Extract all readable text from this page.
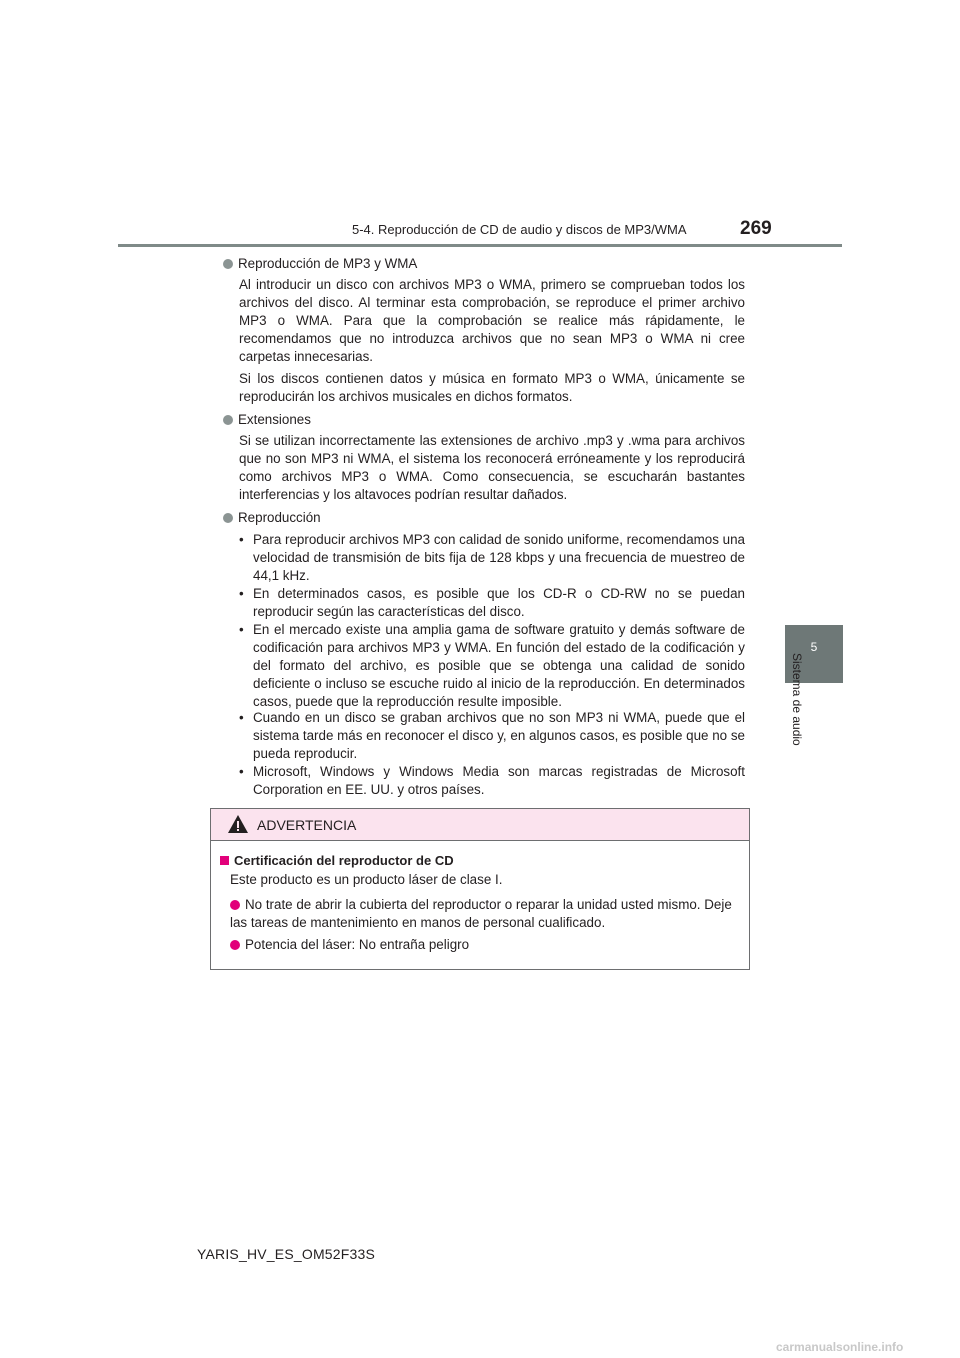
5-4. Reproducción de CD de audio y discos de MP3/WMA	269
5
Sistema de audio
Reproducción de MP3 y WMA
Al introducir un disco con archivos MP3 o WMA, primero se comprueban todos los archivos del disco. Al terminar esta comprobación, se reproduce el primer archivo MP3 o WMA. Para que la comprobación se realice más rápidamente, le recomendamos que no introduzca archivos que no sean MP3 o WMA ni cree carpetas innecesarias.
Si los discos contienen datos y música en formato MP3 o WMA, únicamente se reproducirán los archivos musicales en dichos formatos.
Extensiones
Si se utilizan incorrectamente las extensiones de archivo .mp3 y .wma para archivos que no son MP3 ni WMA, el sistema los reconocerá erróneamente y los reproducirá como archivos MP3 o WMA. Como consecuencia, se escucharán bastantes interferencias y los altavoces podrían resultar dañados.
Reproducción
• Para reproducir archivos MP3 con calidad de sonido uniforme, recomendamos una velocidad de transmisión de bits fija de 128 kbps y una frecuencia de muestreo de 44,1 kHz.
• En determinados casos, es posible que los CD-R o CD-RW no se puedan reproducir según las características del disco.
• En el mercado existe una amplia gama de software gratuito y demás software de codificación para archivos MP3 y WMA. En función del estado de la codificación y del formato del archivo, es posible que se obtenga una calidad de sonido deficiente o incluso se escuche ruido al inicio de la reproducción. En determinados casos, puede que la reproducción resulte imposible.
• Cuando en un disco se graban archivos que no son MP3 ni WMA, puede que el sistema tarde más en reconocer el disco y, en algunos casos, es posible que no se pueda reproducir.
• Microsoft, Windows y Windows Media son marcas registradas de Microsoft Corporation en EE. UU. y otros países.
ADVERTENCIA
Certificación del reproductor de CD
Este producto es un producto láser de clase I.
No trate de abrir la cubierta del reproductor o reparar la unidad usted mismo. Deje las tareas de mantenimiento en manos de personal cualificado.
Potencia del láser: No entraña peligro
YARIS_HV_ES_OM52F33S
carmanualsonline.info
